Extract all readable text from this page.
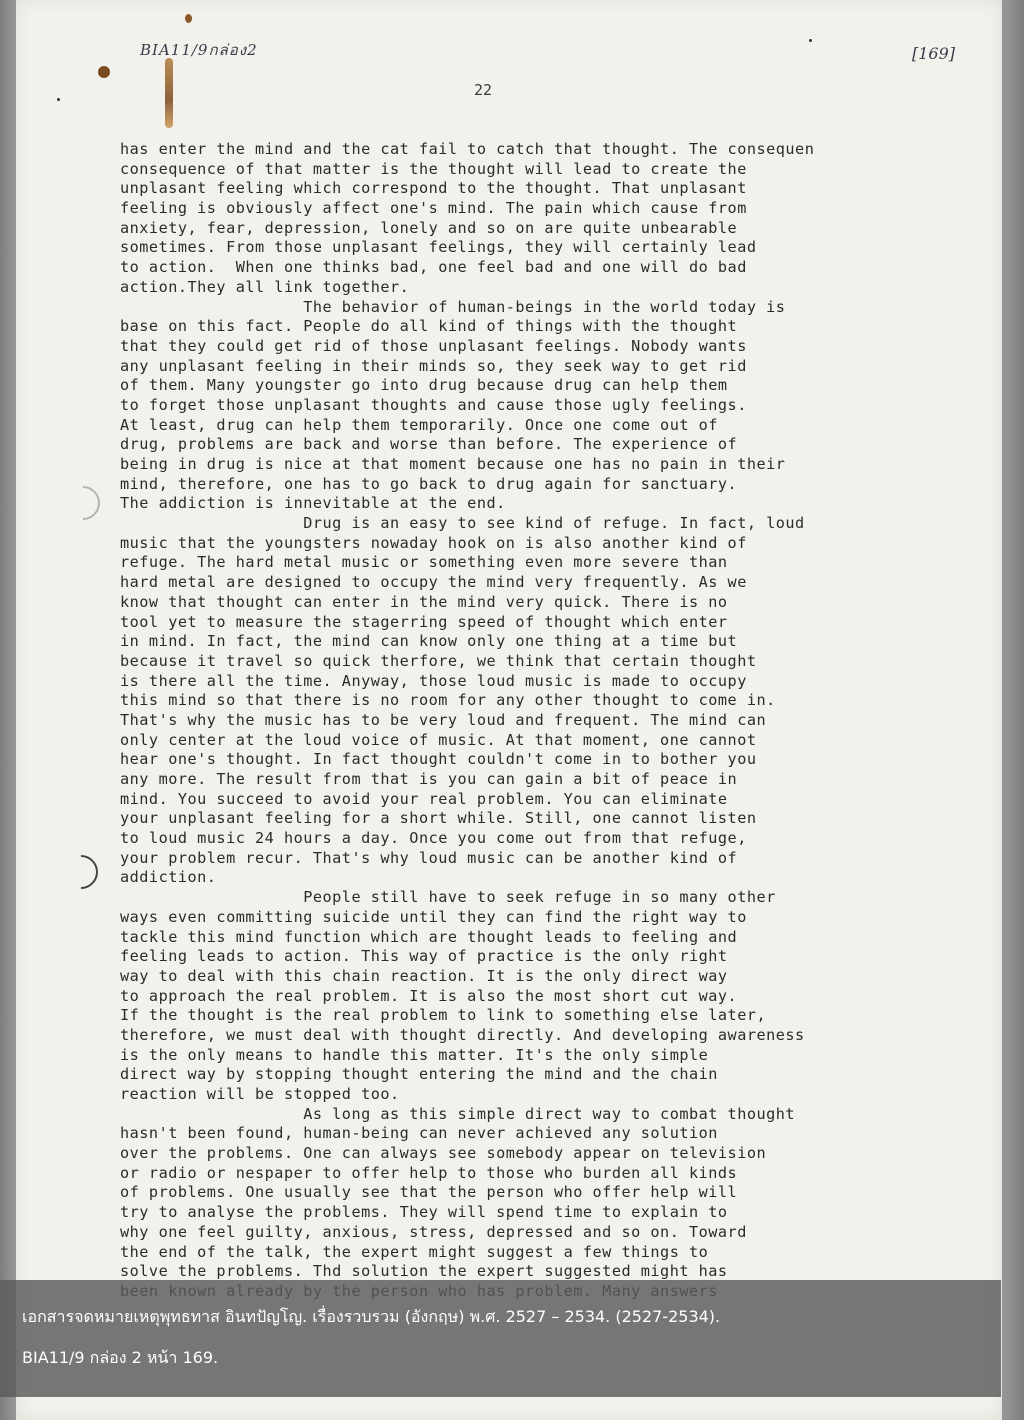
BIA11/9กล่อง2	[169]
22
has enter the mind and the cat fail to catch that thought. The consequen
consequence of that matter is the thought will lead to create the
unplasant feeling which correspond to the thought. That unplasant
feeling is obviously affect one's mind. The pain which cause from
anxiety, fear, depression, lonely and so on are quite unbearable
sometimes. From those unplasant feelings, they will certainly lead
to action.  When one thinks bad, one feel bad and one will do bad
action.They all link together.
The behavior of human-beings in the world today is
base on this fact. People do all kind of things with the thought
that they could get rid of those unplasant feelings. Nobody wants
any unplasant feeling in their minds so, they seek way to get rid
of them. Many youngster go into drug because drug can help them
to forget those unplasant thoughts and cause those ugly feelings.
At least, drug can help them temporarily. Once one come out of
drug, problems are back and worse than before. The experience of
being in drug is nice at that moment because one has no pain in their
mind, therefore, one has to go back to drug again for sanctuary.
The addiction is innevitable at the end.
Drug is an easy to see kind of refuge. In fact, loud
music that the youngsters nowaday hook on is also another kind of
refuge. The hard metal music or something even more severe than
hard metal are designed to occupy the mind very frequently. As we
know that thought can enter in the mind very quick. There is no
tool yet to measure the stagerring speed of thought which enter
in mind. In fact, the mind can know only one thing at a time but
because it travel so quick therfore, we think that certain thought
is there all the time. Anyway, those loud music is made to occupy
this mind so that there is no room for any other thought to come in.
That's why the music has to be very loud and frequent. The mind can
only center at the loud voice of music. At that moment, one cannot
hear one's thought. In fact thought couldn't come in to bother you
any more. The result from that is you can gain a bit of peace in
mind. You succeed to avoid your real problem. You can eliminate
your unplasant feeling for a short while. Still, one cannot listen
to loud music 24 hours a day. Once you come out from that refuge,
your problem recur. That's why loud music can be another kind of
addiction.
People still have to seek refuge in so many other
ways even committing suicide until they can find the right way to
tackle this mind function which are thought leads to feeling and
feeling leads to action. This way of practice is the only right
way to deal with this chain reaction. It is the only direct way
to approach the real problem. It is also the most short cut way.
If the thought is the real problem to link to something else later,
therefore, we must deal with thought directly. And developing awareness
is the only means to handle this matter. It's the only simple
direct way by stopping thought entering the mind and the chain
reaction will be stopped too.
As long as this simple direct way to combat thought
hasn't been found, human-being can never achieved any solution
over the problems. One can always see somebody appear on television
or radio or nespaper to offer help to those who burden all kinds
of problems. One usually see that the person who offer help will
try to analyse the problems. They will spend time to explain to
why one feel guilty, anxious, stress, depressed and so on. Toward
the end of the talk, the expert might suggest a few things to
solve the problems. Thd solution the expert suggested might has
เอกสารจดหมายเหตุพุทธทาส อินทปัญโญ. เรื่องรวบรวม (อังกฤษ) พ.ศ. 2527 – 2534. (2527-2534).
BIA11/9 กล่อง 2 หน้า 169.
